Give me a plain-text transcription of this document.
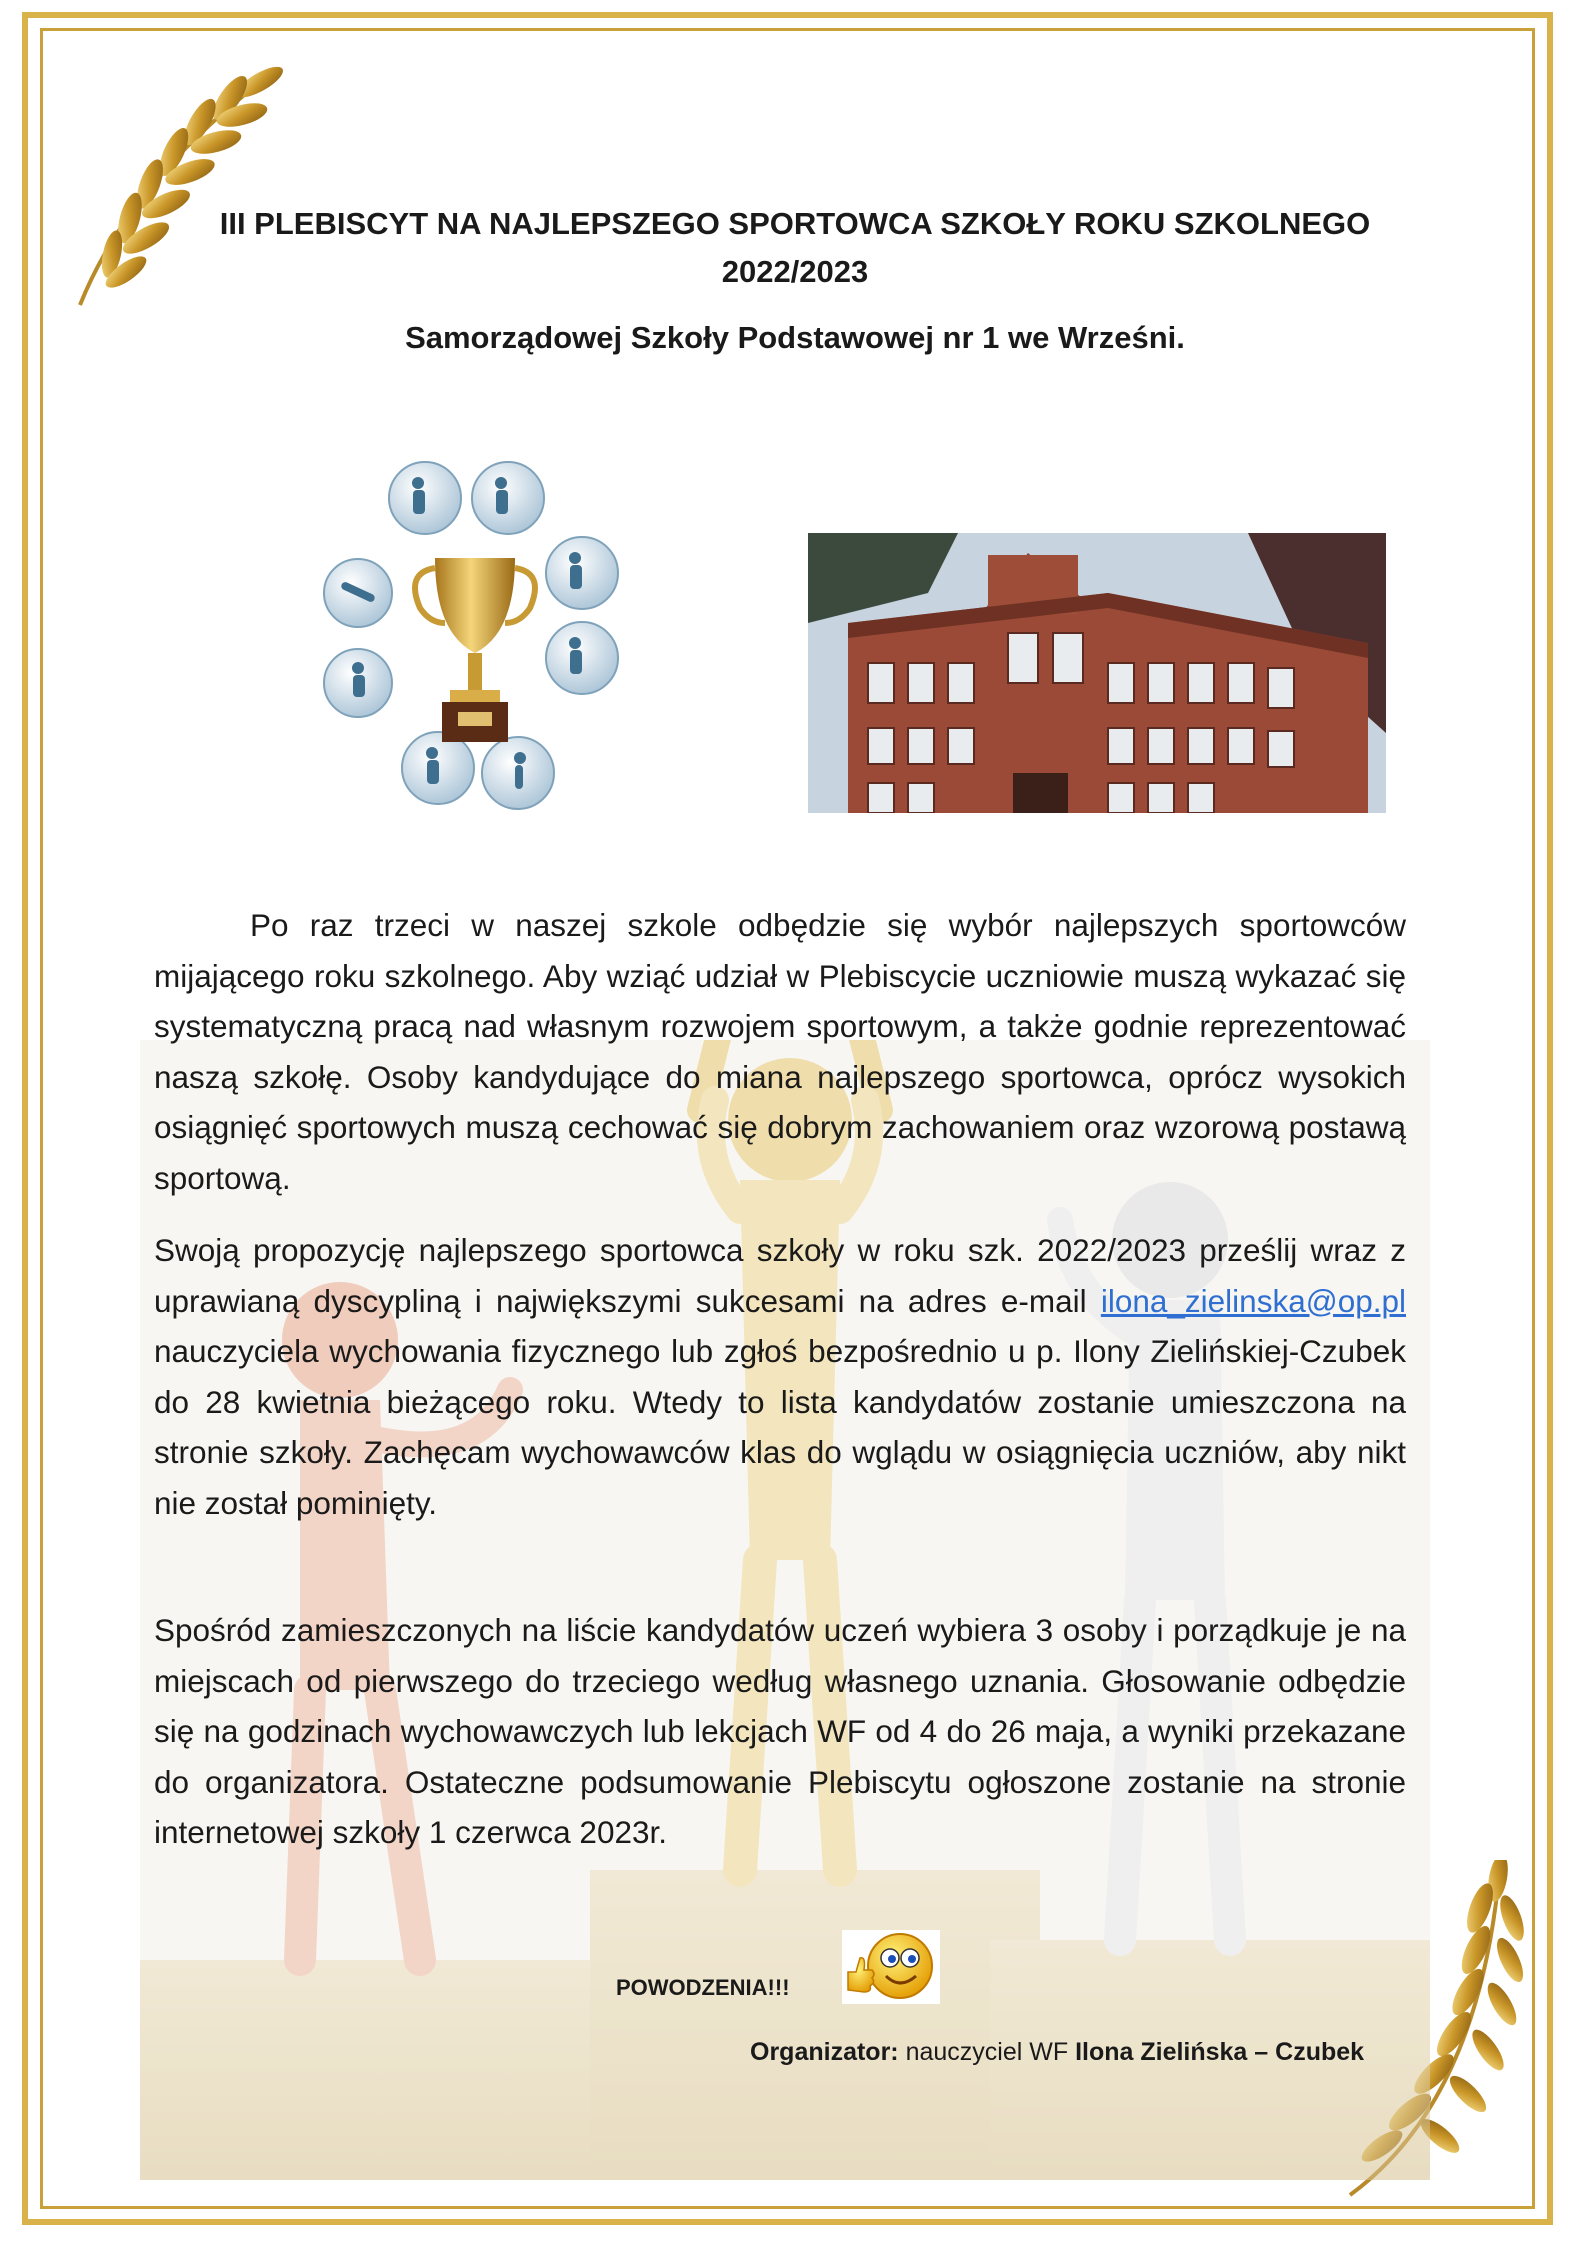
III PLEBISCYT NA NAJLEPSZEGO SPORTOWCA SZKOŁY ROKU SZKOLNEGO
2022/2023
Samorządowej Szkoły Podstawowej nr 1 we Wrześni.
Po raz trzeci w naszej szkole odbędzie się wybór najlepszych sportowców mijającego roku szkolnego. Aby wziąć udział w Plebiscycie uczniowie muszą wykazać się systematyczną pracą nad własnym rozwojem sportowym, a także godnie reprezentować naszą szkołę. Osoby kandydujące do miana najlepszego sportowca, oprócz wysokich osiągnięć sportowych muszą cechować się dobrym zachowaniem oraz wzorową postawą sportową.
Swoją propozycję najlepszego sportowca szkoły w roku szk. 2022/2023 prześlij wraz z uprawianą dyscypliną i największymi sukcesami na adres e-mail ilona_zielinska@op.pl nauczyciela wychowania fizycznego lub zgłoś bezpośrednio u p. Ilony Zielińskiej-Czubek do 28 kwietnia bieżącego roku. Wtedy to lista kandydatów zostanie umieszczona na stronie szkoły. Zachęcam wychowawców klas do wglądu w osiągnięcia uczniów, aby nikt nie został pominięty.
Spośród zamieszczonych na liście kandydatów uczeń wybiera 3 osoby i porządkuje je na miejscach od pierwszego do trzeciego według własnego uznania. Głosowanie odbędzie się na godzinach wychowawczych lub lekcjach WF od 4 do 26 maja, a wyniki przekazane do organizatora. Ostateczne podsumowanie Plebiscytu ogłoszone zostanie na stronie internetowej szkoły 1 czerwca 2023r.
POWODZENIA!!!
Organizator: nauczyciel WF Ilona Zielińska – Czubek
